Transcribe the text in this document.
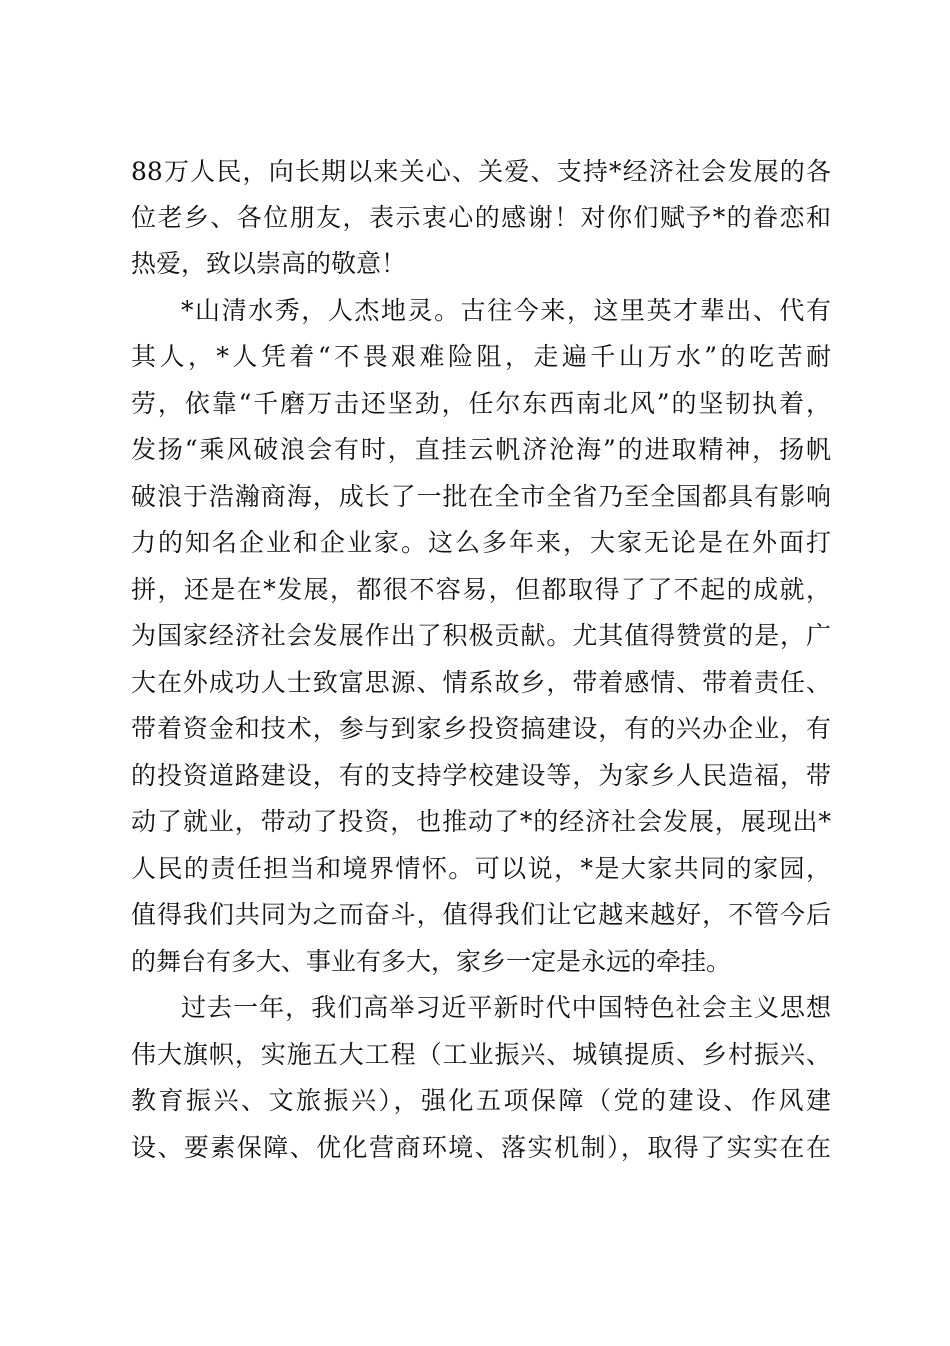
88万人民，向长期以来关心、关爱、支持*经济社会发展的各

位老乡、各位朋友，表示衷心的感谢！对你们赋予*的眷恋和

热爱，致以崇高的敬意！

*山清水秀，人杰地灵。古往今来，这里英才辈出、代有

其人，*人凭着“不畏艰难险阻，走遍千山万水”的吃苦耐

劳，依靠“千磨万击还坚劲，任尔东西南北风”的坚韧执着，

发扬“乘风破浪会有时，直挂云帆济沧海”的进取精神，扬帆

破浪于浩瀚商海，成长了一批在全市全省乃至全国都具有影响

力的知名企业和企业家。这么多年来，大家无论是在外面打

拼，还是在*发展，都很不容易，但都取得了了不起的成就，

为国家经济社会发展作出了积极贡献。尤其值得赞赏的是，广

大在外成功人士致富思源、情系故乡，带着感情、带着责任、

带着资金和技术，参与到家乡投资搞建设，有的兴办企业，有

的投资道路建设，有的支持学校建设等，为家乡人民造福，带

动了就业，带动了投资，也推动了*的经济社会发展，展现出*

人民的责任担当和境界情怀。可以说，*是大家共同的家园，

值得我们共同为之而奋斗，值得我们让它越来越好，不管今后

的舞台有多大、事业有多大，家乡一定是永远的牵挂。

过去一年，我们高举习近平新时代中国特色社会主义思想

伟大旗帜，实施五大工程（工业振兴、城镇提质、乡村振兴、

教育振兴、文旅振兴），强化五项保障（党的建设、作风建

设、要素保障、优化营商环境、落实机制），取得了实实在在
